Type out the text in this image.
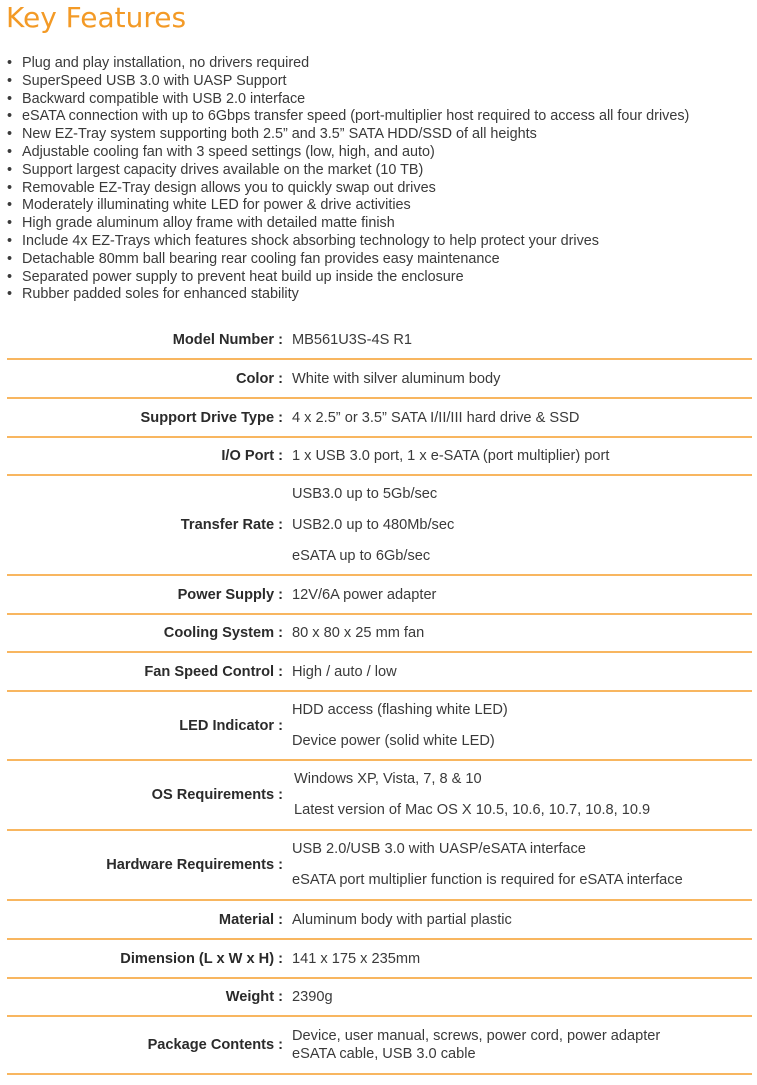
Key Features
• Plug and play installation, no drivers required
• SuperSpeed USB 3.0 with UASP Support
• Backward compatible with USB 2.0 interface
• eSATA connection with up to 6Gbps transfer speed (port-multiplier host required to access all four drives)
• New EZ-Tray system supporting both 2.5” and 3.5” SATA HDD/SSD of all heights
• Adjustable cooling fan with 3 speed settings (low, high, and auto)
• Support largest capacity drives available on the market (10 TB)
• Removable EZ-Tray design allows you to quickly swap out drives
• Moderately illuminating white LED for power & drive activities
• High grade aluminum alloy frame with detailed matte finish
• Include 4x EZ-Trays which features shock absorbing technology to help protect your drives
• Detachable 80mm ball bearing rear cooling fan provides easy maintenance
• Separated power supply to prevent heat build up inside the enclosure
• Rubber padded soles for enhanced stability
Model Number : MB561U3S-4S R1
Color : White with silver aluminum body
Support Drive Type : 4 x 2.5” or 3.5” SATA I/II/III hard drive & SSD
I/O Port : 1 x USB 3.0 port, 1 x e-SATA (port multiplier) port
Transfer Rate :
USB3.0 up to 5Gb/sec
USB2.0 up to 480Mb/sec
eSATA up to 6Gb/sec
Power Supply : 12V/6A power adapter
Cooling System : 80 x 80 x 25 mm fan
Fan Speed Control : High / auto / low
LED Indicator :
HDD access (flashing white LED)
Device power (solid white LED)
OS Requirements :
Windows XP, Vista, 7, 8 & 10
Latest version of Mac OS X 10.5, 10.6, 10.7, 10.8, 10.9
Hardware Requirements :
USB 2.0/USB 3.0 with UASP/eSATA interface
eSATA port multiplier function is required for eSATA interface
Material : Aluminum body with partial plastic
Dimension (L x W x H) : 141 x 175 x 235mm
Weight : 2390g
Package Contents :
Device, user manual, screws, power cord, power adapter
eSATA cable, USB 3.0 cable
